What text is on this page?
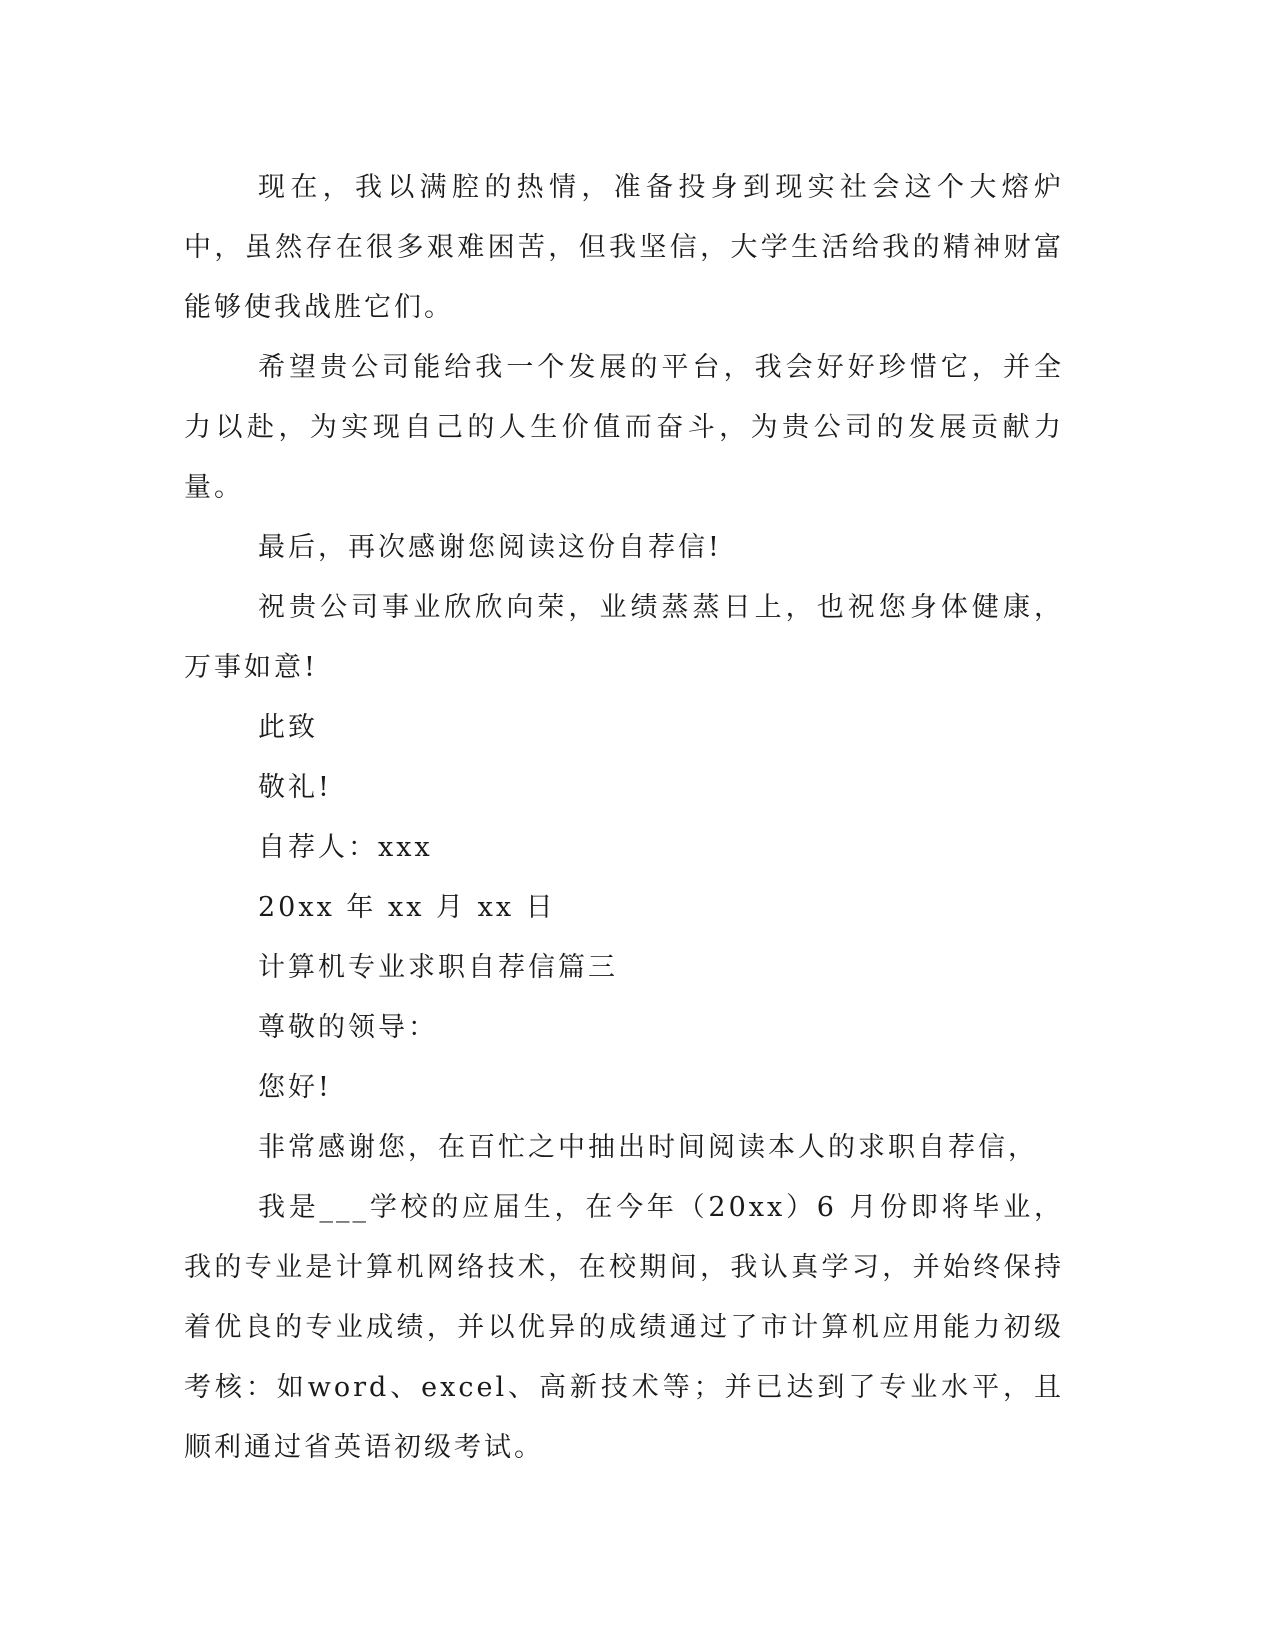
现在，我以满腔的热情，准备投身到现实社会这个大熔炉中，虽然存在很多艰难困苦，但我坚信，大学生活给我的精神财富能够使我战胜它们。

希望贵公司能给我一个发展的平台，我会好好珍惜它，并全力以赴，为实现自己的人生价值而奋斗，为贵公司的发展贡献力量。

最后，再次感谢您阅读这份自荐信!

祝贵公司事业欣欣向荣，业绩蒸蒸日上，也祝您身体健康，万事如意!

此致
敬礼!
自荐人：xxx
20xx 年 xx 月 xx 日
计算机专业求职自荐信篇三
尊敬的领导：
您好!

非常感谢您，在百忙之中抽出时间阅读本人的求职自荐信，

我是___学校的应届生，在今年（20xx）6 月份即将毕业，我的专业是计算机网络技术，在校期间，我认真学习，并始终保持着优良的专业成绩，并以优异的成绩通过了市计算机应用能力初级考核：如word、excel、高新技术等；并已达到了专业水平，且顺利通过省英语初级考试。
